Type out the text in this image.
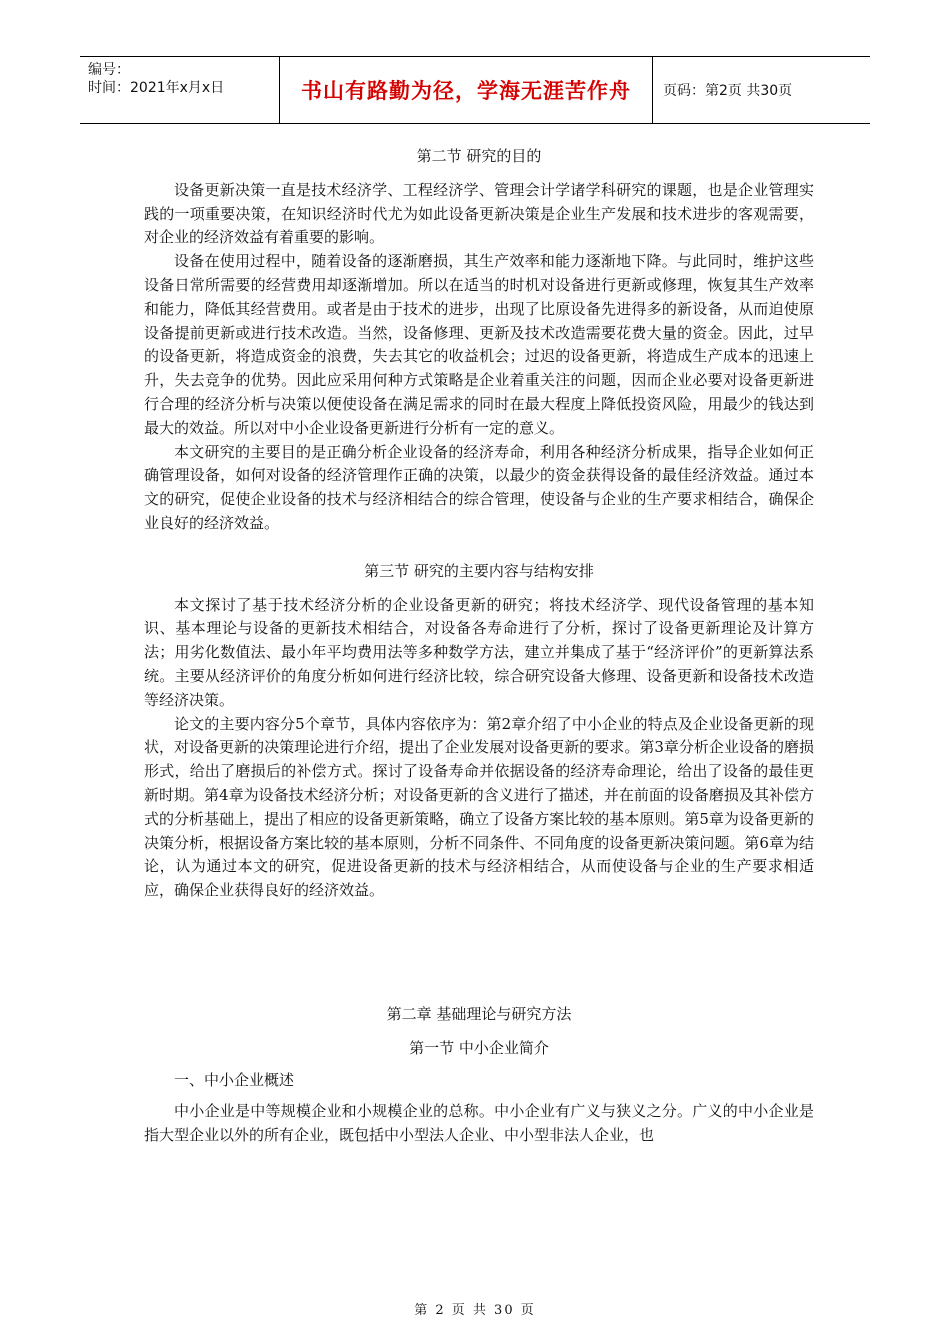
编号：
时间：2021年x月x日	书山有路勤为径，学海无涯苦作舟	页码：第2页 共30页
第二节 研究的目的

设备更新决策一直是技术经济学、工程经济学、管理会计学诸学科研究的课题，也是企业管理实践的一项重要决策，在知识经济时代尤为如此设备更新决策是企业生产发展和技术进步的客观需要，对企业的经济效益有着重要的影响。

设备在使用过程中，随着设备的逐渐磨损，其生产效率和能力逐渐地下降。与此同时，维护这些设备日常所需要的经营费用却逐渐增加。所以在适当的时机对设备进行更新或修理，恢复其生产效率和能力，降低其经营费用。或者是由于技术的进步，出现了比原设备先进得多的新设备，从而迫使原设备提前更新或进行技术改造。当然，设备修理、更新及技术改造需要花费大量的资金。因此，过早的设备更新，将造成资金的浪费，失去其它的收益机会；过迟的设备更新，将造成生产成本的迅速上升，失去竞争的优势。因此应采用何种方式策略是企业着重关注的问题，因而企业必要对设备更新进行合理的经济分析与决策以便使设备在满足需求的同时在最大程度上降低投资风险，用最少的钱达到最大的效益。所以对中小企业设备更新进行分析有一定的意义。

本文研究的主要目的是正确分析企业设备的经济寿命，利用各种经济分析成果，指导企业如何正确管理设备，如何对设备的经济管理作正确的决策，以最少的资金获得设备的最佳经济效益。通过本文的研究，促使企业设备的技术与经济相结合的综合管理，使设备与企业的生产要求相结合，确保企业良好的经济效益。

第三节 研究的主要内容与结构安排

本文探讨了基于技术经济分析的企业设备更新的研究；将技术经济学、现代设备管理的基本知识、基本理论与设备的更新技术相结合，对设备各寿命进行了分析，探讨了设备更新理论及计算方法；用劣化数值法、最小年平均费用法等多种数学方法，建立并集成了基于“经济评价”的更新算法系统。主要从经济评价的角度分析如何进行经济比较，综合研究设备大修理、设备更新和设备技术改造等经济决策。

论文的主要内容分5个章节，具体内容依序为：第2章介绍了中小企业的特点及企业设备更新的现状，对设备更新的决策理论进行介绍，提出了企业发展对设备更新的要求。第3章分析企业设备的磨损形式，给出了磨损后的补偿方式。探讨了设备寿命并依据设备的经济寿命理论，给出了设备的最佳更新时期。第4章为设备技术经济分析；对设备更新的含义进行了描述，并在前面的设备磨损及其补偿方式的分析基础上，提出了相应的设备更新策略，确立了设备方案比较的基本原则。第5章为设备更新的决策分析，根据设备方案比较的基本原则，分析不同条件、不同角度的设备更新决策问题。第6章为结论，认为通过本文的研究，促进设备更新的技术与经济相结合，从而使设备与企业的生产要求相适应，确保企业获得良好的经济效益。

第二章 基础理论与研究方法
第一节 中小企业简介

一、中小企业概述

中小企业是中等规模企业和小规模企业的总称。中小企业有广义与狭义之分。广义的中小企业是指大型企业以外的所有企业，既包括中小型法人企业、中小型非法人企业，也

第 2 页 共 30 页
